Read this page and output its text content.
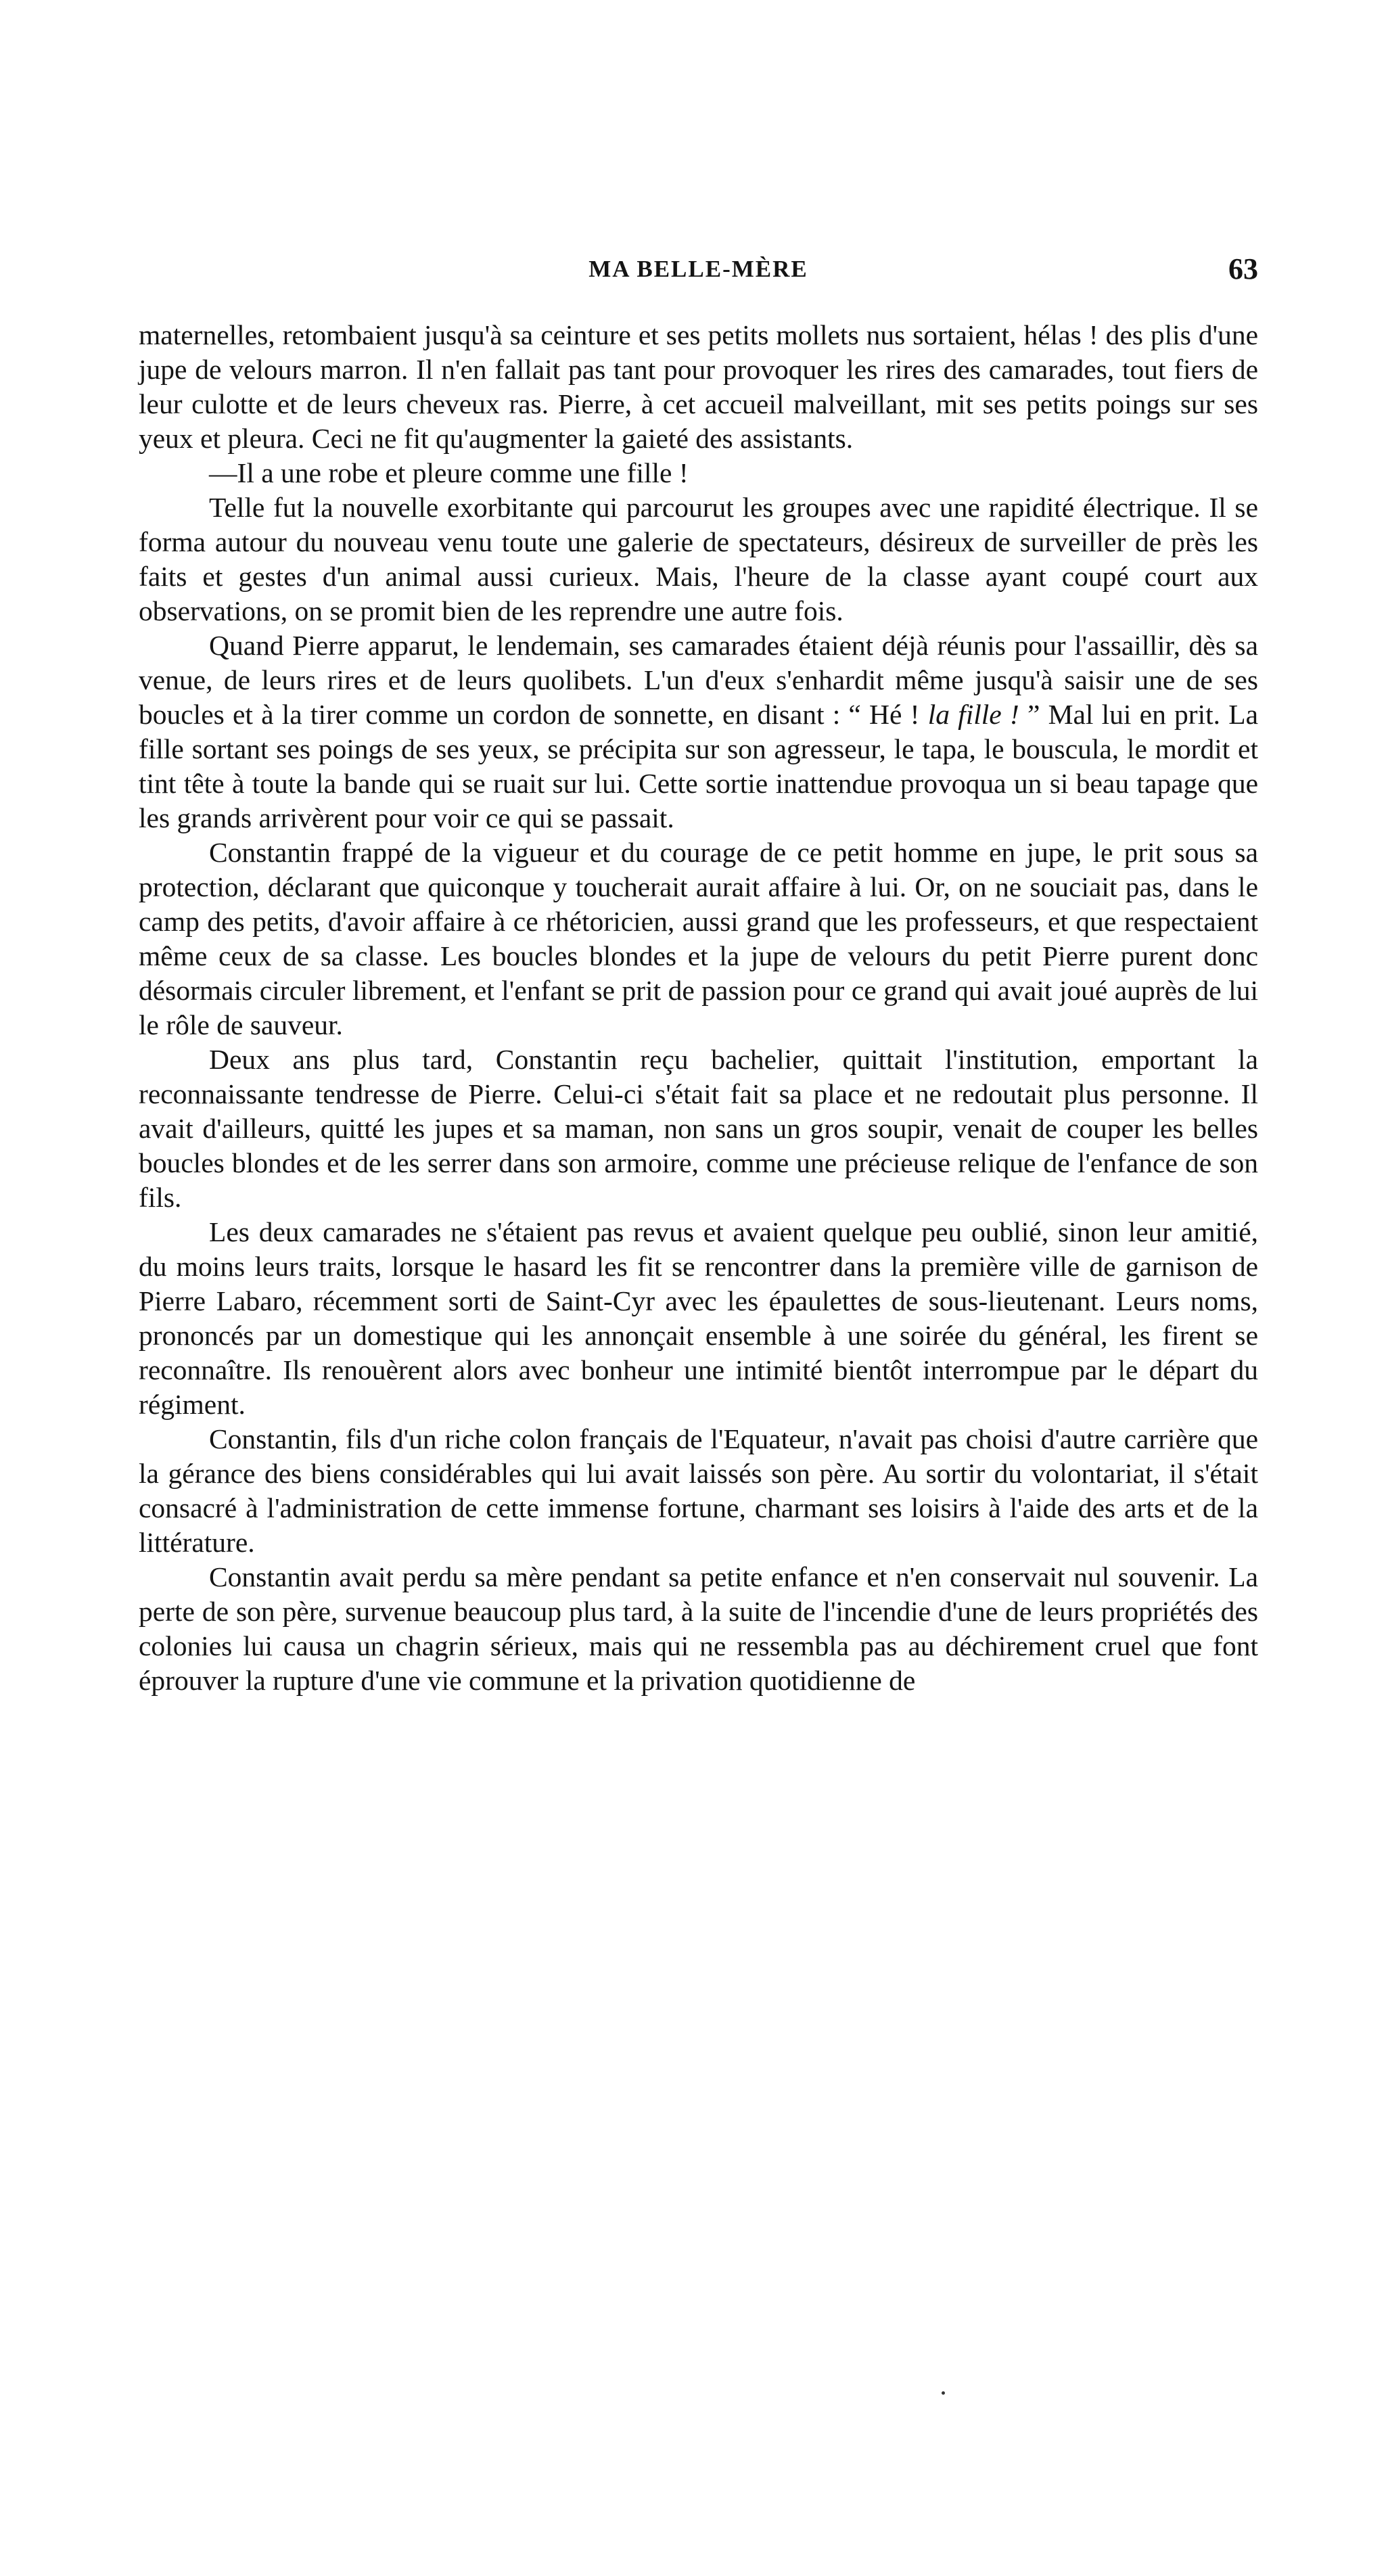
MA BELLE-MÈRE	63

maternelles, retombaient jusqu'à sa ceinture et ses petits mollets nus sortaient, hélas ! des plis d'une jupe de velours marron. Il n'en fallait pas tant pour provoquer les rires des camarades, tout fiers de leur culotte et de leurs cheveux ras. Pierre, à cet accueil malveillant, mit ses petits poings sur ses yeux et pleura. Ceci ne fit qu'augmenter la gaieté des assistants.

—Il a une robe et pleure comme une fille !

Telle fut la nouvelle exorbitante qui parcourut les groupes avec une rapidité électrique. Il se forma autour du nouveau venu toute une galerie de spectateurs, désireux de surveiller de près les faits et gestes d'un animal aussi curieux. Mais, l'heure de la classe ayant coupé court aux observations, on se promit bien de les reprendre une autre fois.

Quand Pierre apparut, le lendemain, ses camarades étaient déjà réunis pour l'assaillir, dès sa venue, de leurs rires et de leurs quolibets. L'un d'eux s'enhardit même jusqu'à saisir une de ses boucles et à la tirer comme un cordon de sonnette, en disant : “ Hé ! la fille ! ” Mal lui en prit. La fille sortant ses poings de ses yeux, se précipita sur son agresseur, le tapa, le bouscula, le mordit et tint tête à toute la bande qui se ruait sur lui. Cette sortie inattendue provoqua un si beau tapage que les grands arrivèrent pour voir ce qui se passait.

Constantin frappé de la vigueur et du courage de ce petit homme en jupe, le prit sous sa protection, déclarant que quiconque y toucherait aurait affaire à lui. Or, on ne souciait pas, dans le camp des petits, d'avoir affaire à ce rhétoricien, aussi grand que les professeurs, et que respectaient même ceux de sa classe. Les boucles blondes et la jupe de velours du petit Pierre purent donc désormais circuler librement, et l'enfant se prit de passion pour ce grand qui avait joué auprès de lui le rôle de sauveur.

Deux ans plus tard, Constantin reçu bachelier, quittait l'institution, emportant la reconnaissante tendresse de Pierre. Celui-ci s'était fait sa place et ne redoutait plus personne. Il avait d'ailleurs, quitté les jupes et sa maman, non sans un gros soupir, venait de couper les belles boucles blondes et de les serrer dans son armoire, comme une précieuse relique de l'enfance de son fils.

Les deux camarades ne s'étaient pas revus et avaient quelque peu oublié, sinon leur amitié, du moins leurs traits, lorsque le hasard les fit se rencontrer dans la première ville de garnison de Pierre Labaro, récemment sorti de Saint-Cyr avec les épaulettes de sous-lieutenant. Leurs noms, prononcés par un domestique qui les annonçait ensemble à une soirée du général, les firent se reconnaître. Ils renouèrent alors avec bonheur une intimité bientôt interrompue par le départ du régiment.

Constantin, fils d'un riche colon français de l'Equateur, n'avait pas choisi d'autre carrière que la gérance des biens considérables qui lui avait laissés son père. Au sortir du volontariat, il s'était consacré à l'administration de cette immense fortune, charmant ses loisirs à l'aide des arts et de la littérature.

Constantin avait perdu sa mère pendant sa petite enfance et n'en conservait nul souvenir. La perte de son père, survenue beaucoup plus tard, à la suite de l'incendie d'une de leurs propriétés des colonies lui causa un chagrin sérieux, mais qui ne ressembla pas au déchirement cruel que font éprouver la rupture d'une vie commune et la privation quotidienne de
